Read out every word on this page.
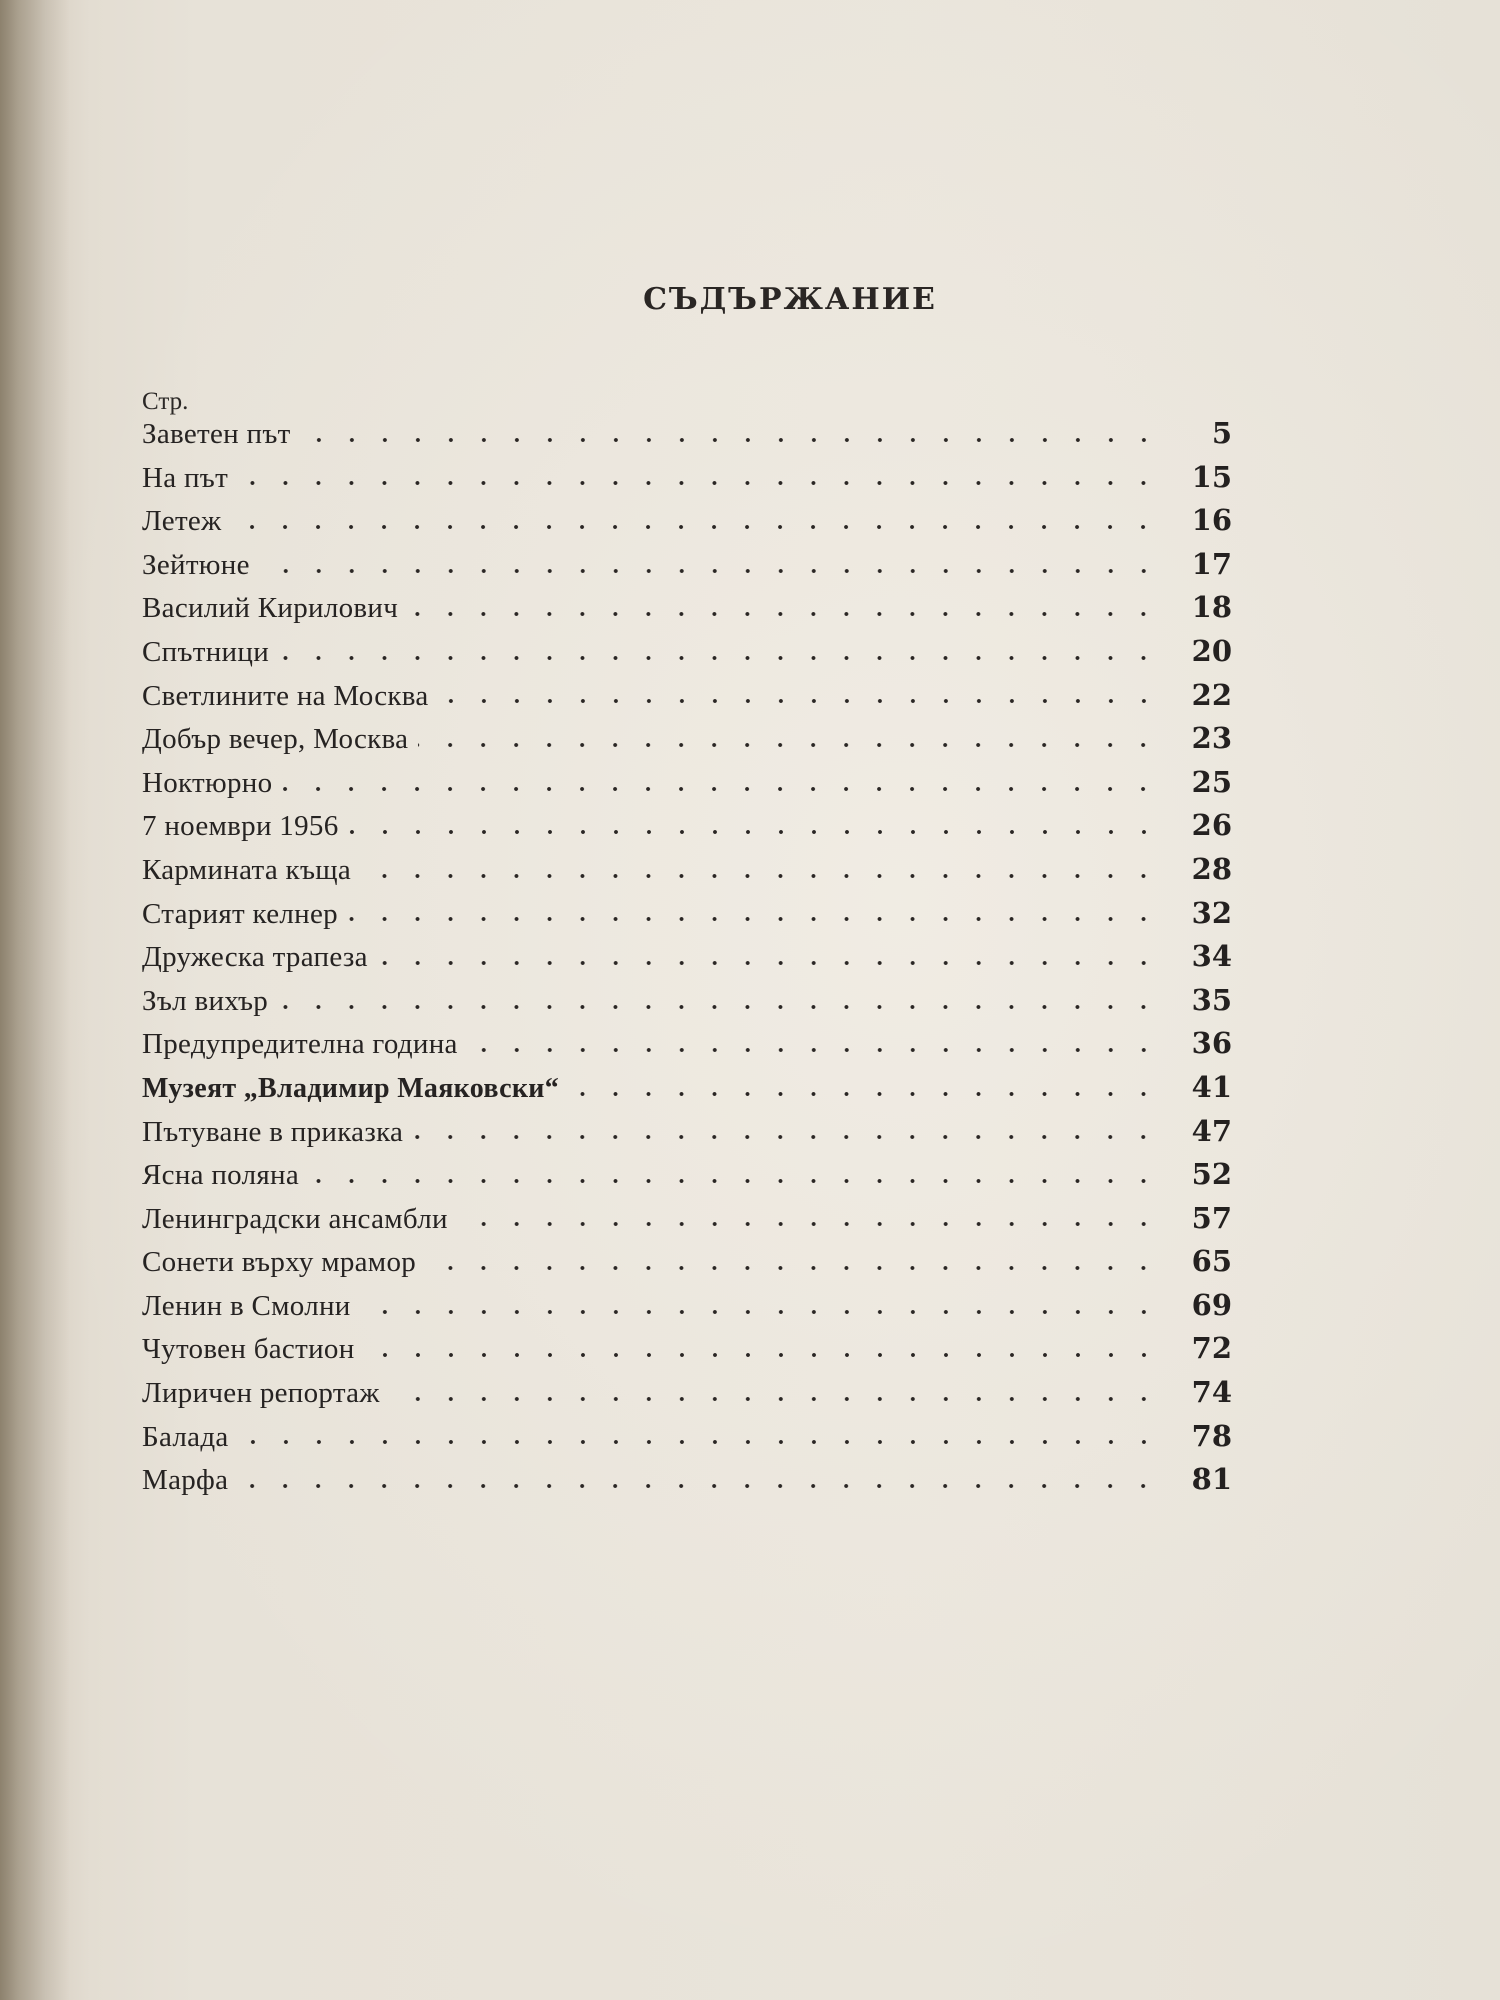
СЪДЪРЖАНИЕ
Стр.
Заветен път	5
На път	15
Летеж	16
Зейтюне	17
Василий Кирилович	18
Спътници	20
Светлините на Москва	22
Добър вечер, Москва	23
Ноктюрно	25
7 ноември 1956	26
Кармината къща	28
Старият келнер	32
Дружеска трапеза	34
Зъл вихър	35
Предупредителна година	36
Музеят „Владимир Маяковски“	41
Пътуване в приказка	47
Ясна поляна	52
Ленинградски ансамбли	57
Сонети върху мрамор	65
Ленин в Смолни	69
Чутовен бастион	72
Лиричен репортаж	74
Балада	78
Марфа	81
